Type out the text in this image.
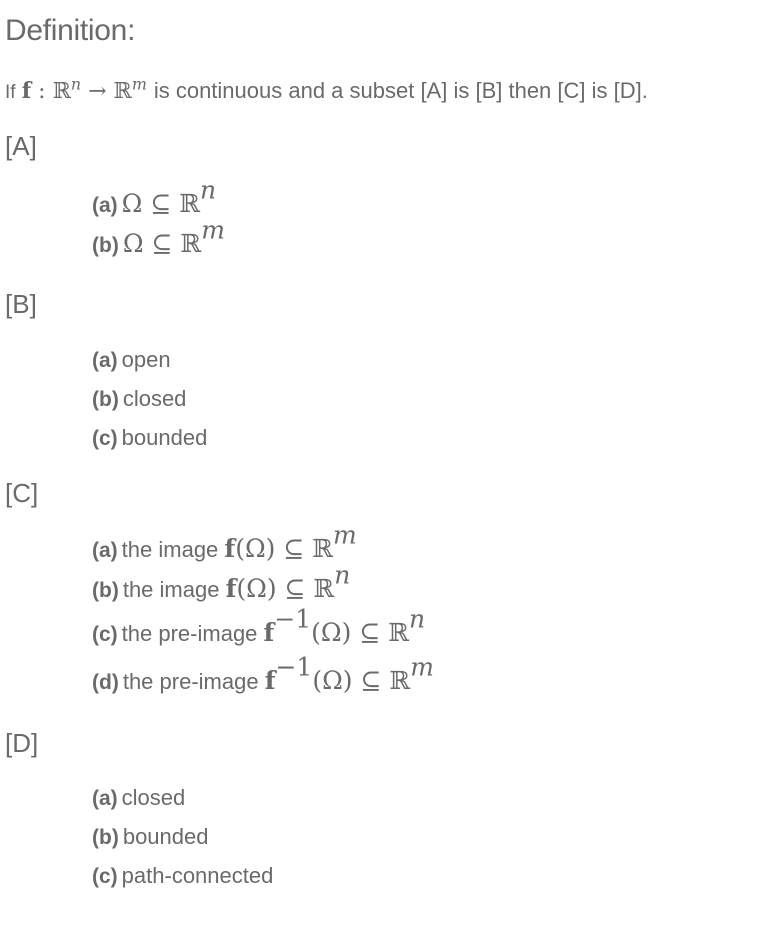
Definition:
If f : ℝ$^n$ → ℝ$^m$ is continuous and a subset [A] is [B] then [C] is [D].
[A]
(a) Ω ⊆ ℝ$^n$
(b) Ω ⊆ ℝ$^m$
[B]
(a) open
(b) closed
(c) bounded
[C]
(a) the image f(Ω) ⊆ ℝ$^m$
(b) the image f(Ω) ⊆ ℝ$^n$
(c) the pre-image $f^{-1}(\Omega)$ ⊆ ℝ$^n$
(d) the pre-image $f^{-1}(\Omega)$ ⊆ ℝ$^m$
[D]
(a) closed
(b) bounded
(c) path-connected
